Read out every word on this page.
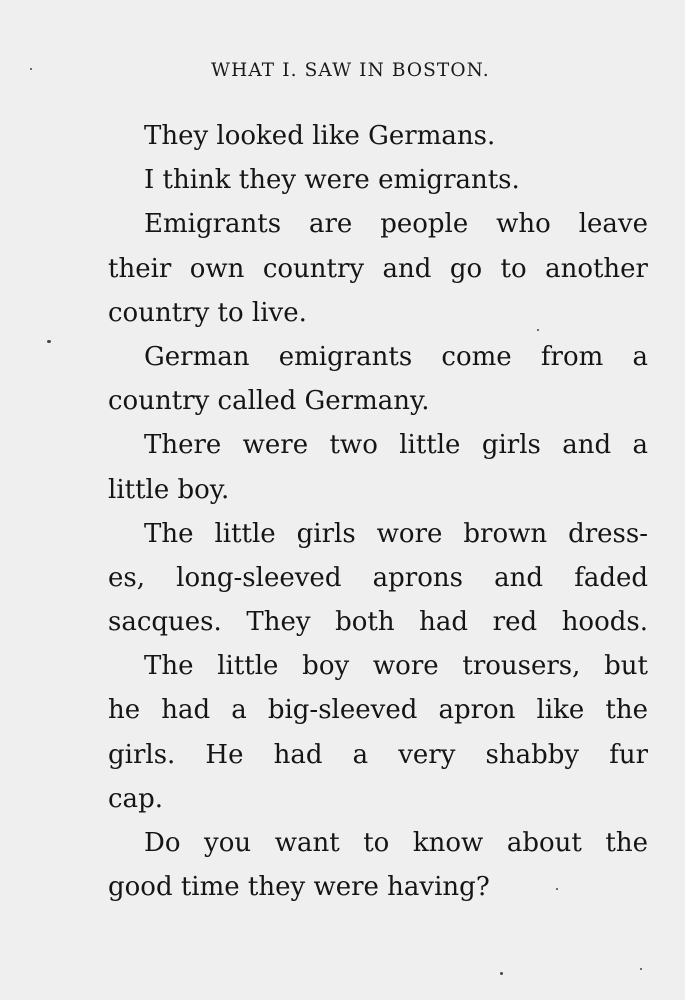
WHAT I. SAW IN BOSTON.
They looked like Germans.
I think they were emigrants.
Emigrants are people who leave
their own country and go to another
country to live.
German emigrants come from a
country called Germany.
There were two little girls and a
little boy.
The little girls wore brown dress-
es, long-sleeved aprons and faded
sacques. They both had red hoods.
The little boy wore trousers, but
he had a big-sleeved apron like the
girls. He had a very shabby fur
cap.
Do you want to know about the
good time they were having?
